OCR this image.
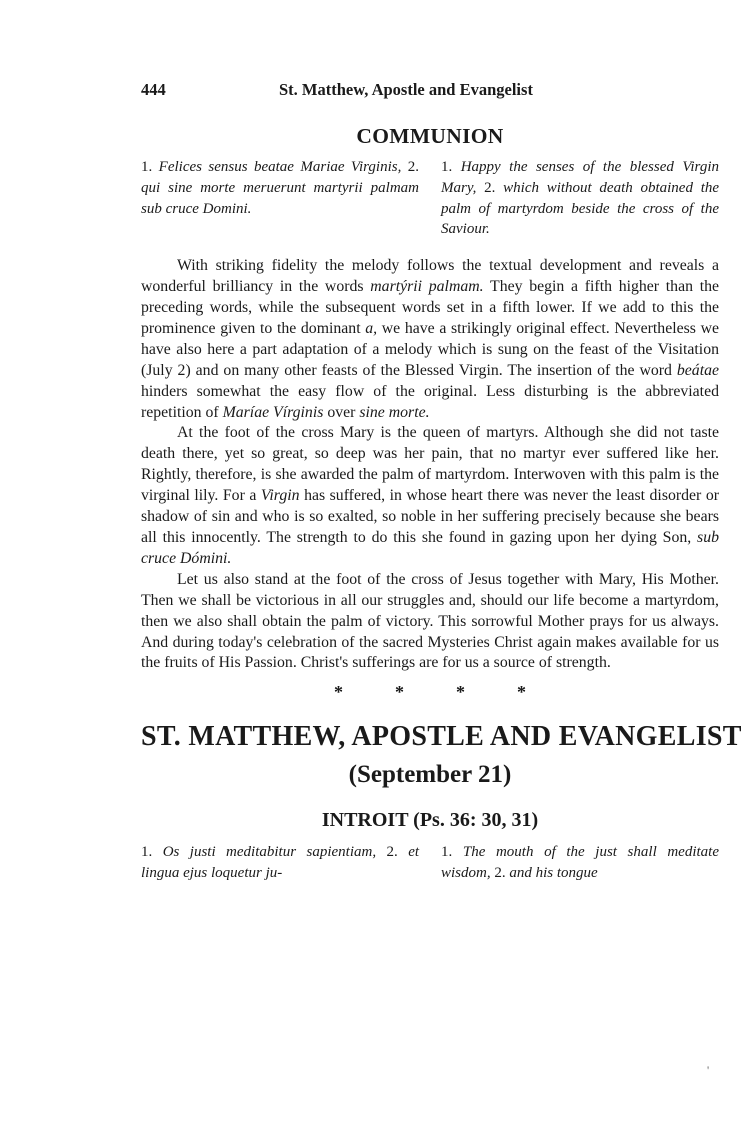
444	St. Matthew, Apostle and Evangelist
COMMUNION
1. Felices sensus beatae Mariae Virginis, 2. qui sine morte meruerunt martyrii palmam sub cruce Domini.
1. Happy the senses of the blessed Virgin Mary, 2. which without death obtained the palm of martyrdom beside the cross of the Saviour.

With striking fidelity the melody follows the textual development and reveals a wonderful brilliancy in the words martýrii palmam. They begin a fifth higher than the preceding words, while the subsequent words set in a fifth lower. If we add to this the prominence given to the dominant a, we have a strikingly original effect. Nevertheless we have also here a part adaptation of a melody which is sung on the feast of the Visitation (July 2) and on many other feasts of the Blessed Virgin. The insertion of the word beátae hinders somewhat the easy flow of the original. Less disturbing is the abbreviated repetition of Maríae Vírginis over sine morte.

At the foot of the cross Mary is the queen of martyrs. Although she did not taste death there, yet so great, so deep was her pain, that no martyr ever suffered like her. Rightly, therefore, is she awarded the palm of martyrdom. Interwoven with this palm is the virginal lily. For a Virgin has suffered, in whose heart there was never the least disorder or shadow of sin and who is so exalted, so noble in her suffering precisely because she bears all this innocently. The strength to do this she found in gazing upon her dying Son, sub cruce Dómini.

Let us also stand at the foot of the cross of Jesus together with Mary, His Mother. Then we shall be victorious in all our struggles and, should our life become a martyrdom, then we also shall obtain the palm of victory. This sorrowful Mother prays for us always. And during today's celebration of the sacred Mysteries Christ again makes available for us the fruits of His Passion. Christ's sufferings are for us a source of strength.

*	*	*	*
ST. MATTHEW, APOSTLE AND EVANGELIST
(September 21)
INTROIT (Ps. 36: 30, 31)
1. Os justi meditabitur sapientiam, 2. et lingua ejus loquetur ju-
1. The mouth of the just shall meditate wisdom, 2. and his tongue
'
